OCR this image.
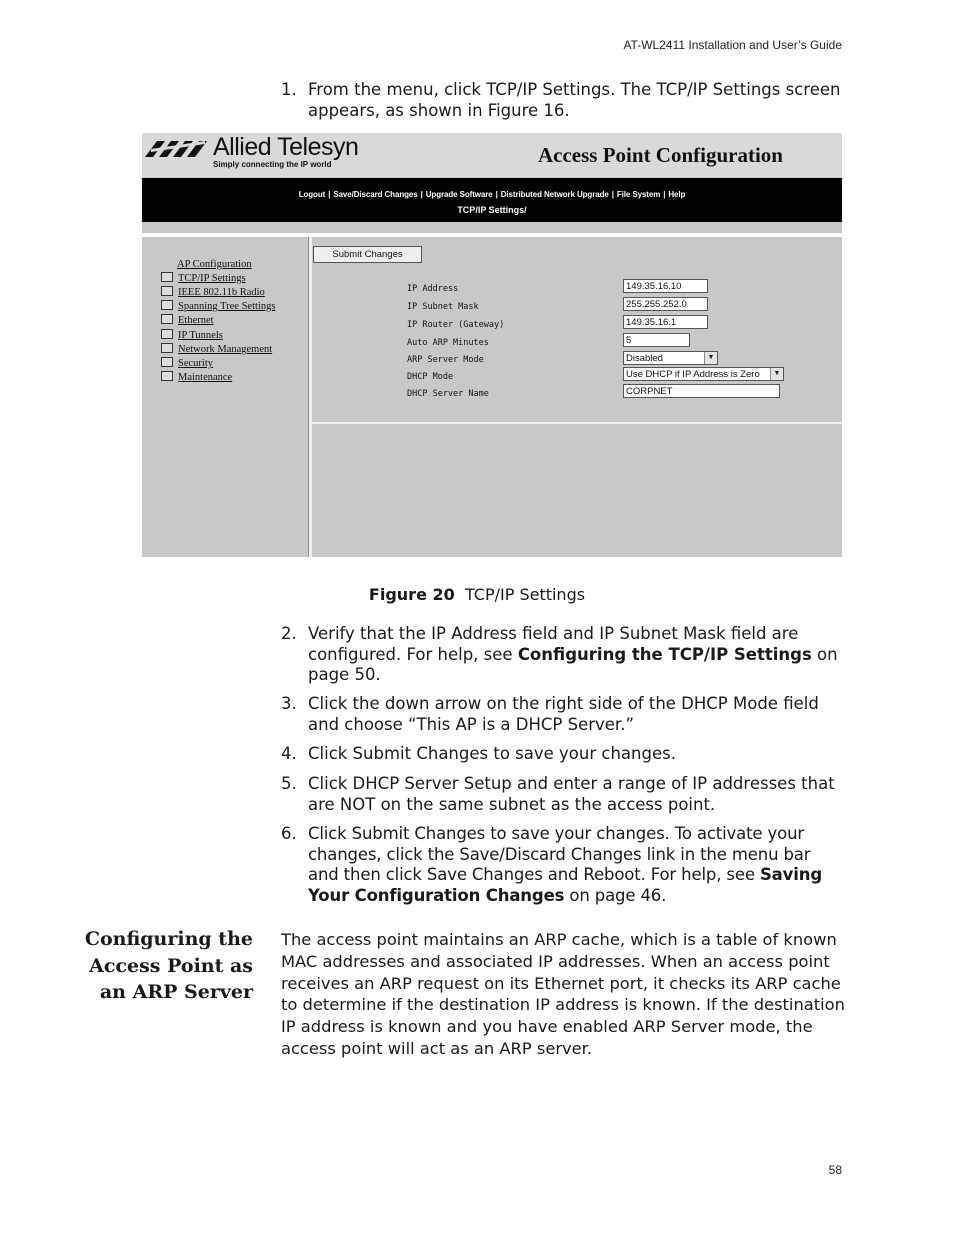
AT-WL2411 Installation and User’s Guide
1. From the menu, click TCP/IP Settings. The TCP/IP Settings screen appears, as shown in Figure 16.
Allied Telesyn
Simply connecting the IP world	Access Point Configuration
Logout | Save/Discard Changes | Upgrade Software | Distributed Network Upgrade | File System | Help
TCP/IP Settings/
AP Configuration
TCP/IP Settings
IEEE 802.11b Radio
Spanning Tree Settings
Ethernet
IP Tunnels
Network Management
Security
Maintenance
Submit Changes
IP Address	149.35.16.10
IP Subnet Mask	255.255.252.0
IP Router (Gateway)	149.35.16.1
Auto ARP Minutes	5
ARP Server Mode	Disabled	▼
DHCP Mode	Use DHCP if IP Address is Zero	▼
DHCP Server Name	CORPNET
Figure 20 TCP/IP Settings
2. Verify that the IP Address field and IP Subnet Mask field are configured. For help, see Configuring the TCP/IP Settings on page 50.
3. Click the down arrow on the right side of the DHCP Mode field and choose “This AP is a DHCP Server.”
4. Click Submit Changes to save your changes.
5. Click DHCP Server Setup and enter a range of IP addresses that are NOT on the same subnet as the access point.
6. Click Submit Changes to save your changes. To activate your changes, click the Save/Discard Changes link in the menu bar and then click Save Changes and Reboot. For help, see Saving Your Configuration Changes on page 46.
Configuring the Access Point as an ARP Server
The access point maintains an ARP cache, which is a table of known MAC addresses and associated IP addresses. When an access point receives an ARP request on its Ethernet port, it checks its ARP cache to determine if the destination IP address is known. If the destination IP address is known and you have enabled ARP Server mode, the access point will act as an ARP server.
58
